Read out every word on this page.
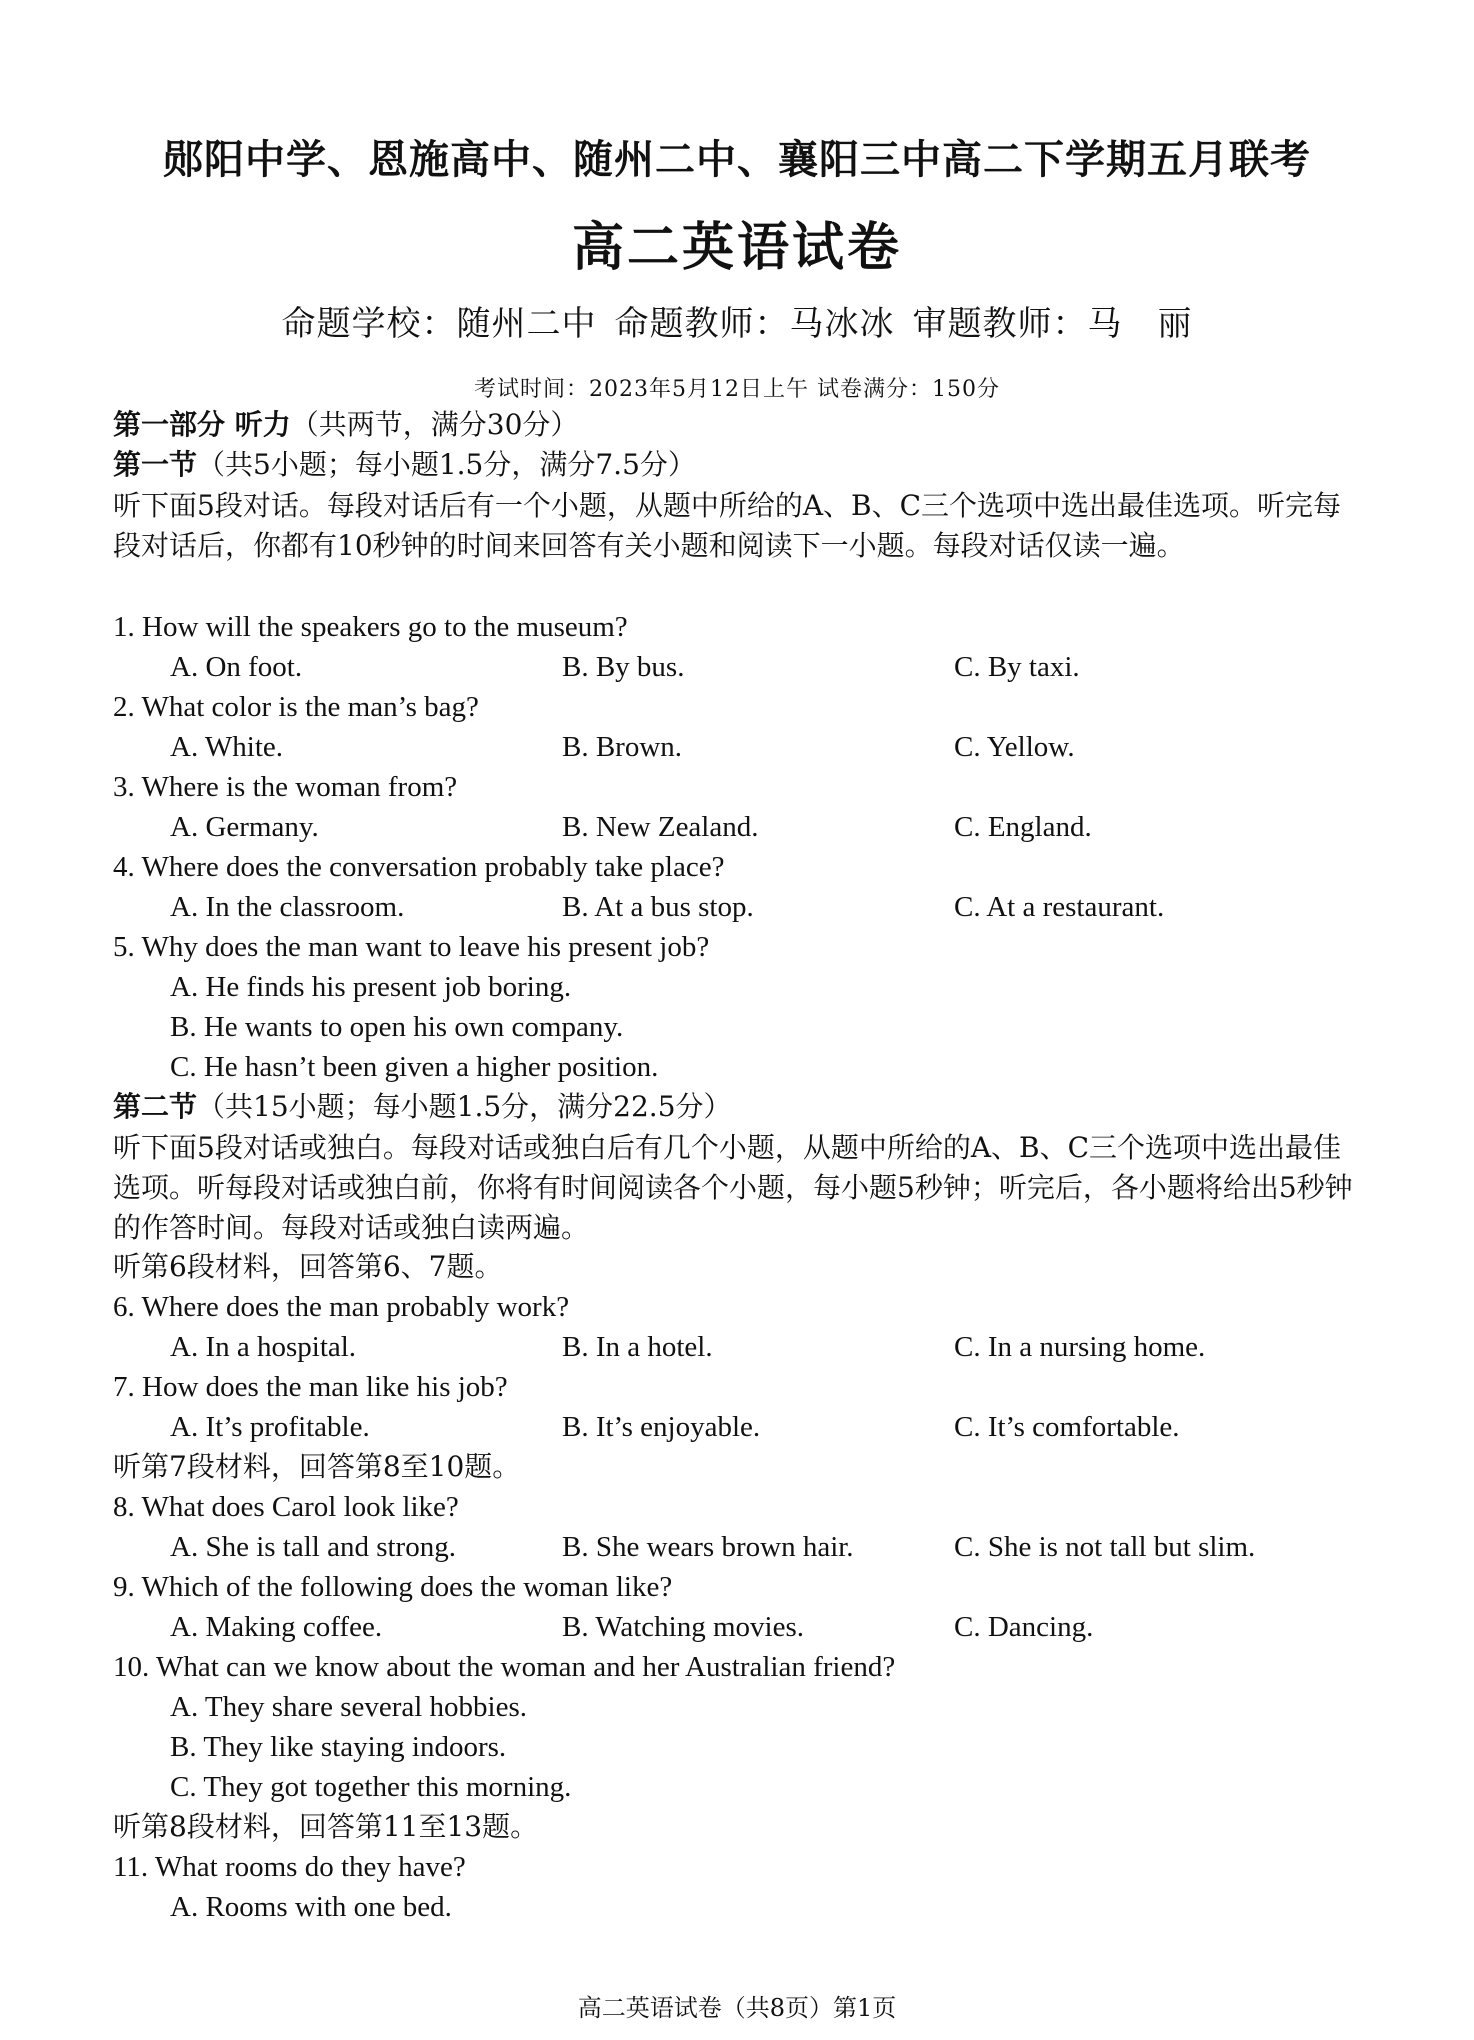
郧阳中学、恩施高中、随州二中、襄阳三中高二下学期五月联考
高二英语试卷
命题学校：随州二中 命题教师：马冰冰 审题教师：马　丽
考试时间：2023年5月12日上午 试卷满分：150分
第一部分 听力（共两节，满分30分）
第一节（共5小题；每小题1.5分，满分7.5分）
听下面5段对话。每段对话后有一个小题，从题中所给的A、B、C三个选项中选出最佳选项。听完每段对话后，你都有10秒钟的时间来回答有关小题和阅读下一小题。每段对话仅读一遍。
1. How will the speakers go to the museum?
A. On foot.	B. By bus.	C. By taxi.
2. What color is the man’s bag?
A. White.	B. Brown.	C. Yellow.
3. Where is the woman from?
A. Germany.	B. New Zealand.	C. England.
4. Where does the conversation probably take place?
A. In the classroom.	B. At a bus stop.	C. At a restaurant.
5. Why does the man want to leave his present job?
A. He finds his present job boring.
B. He wants to open his own company.
C. He hasn’t been given a higher position.
第二节（共15小题；每小题1.5分，满分22.5分）
听下面5段对话或独白。每段对话或独白后有几个小题，从题中所给的A、B、C三个选项中选出最佳选项。听每段对话或独白前，你将有时间阅读各个小题，每小题5秒钟；听完后，各小题将给出5秒钟的作答时间。每段对话或独白读两遍。
听第6段材料，回答第6、7题。
6. Where does the man probably work?
A. In a hospital.	B. In a hotel.	C. In a nursing home.
7. How does the man like his job?
A. It’s profitable.	B. It’s enjoyable.	C. It’s comfortable.
听第7段材料，回答第8至10题。
8. What does Carol look like?
A. She is tall and strong.	B. She wears brown hair.	C. She is not tall but slim.
9. Which of the following does the woman like?
A. Making coffee.	B. Watching movies.	C. Dancing.
10. What can we know about the woman and her Australian friend?
A. They share several hobbies.
B. They like staying indoors.
C. They got together this morning.
听第8段材料，回答第11至13题。
11. What rooms do they have?
A. Rooms with one bed.
高二英语试卷（共8页）第1页
